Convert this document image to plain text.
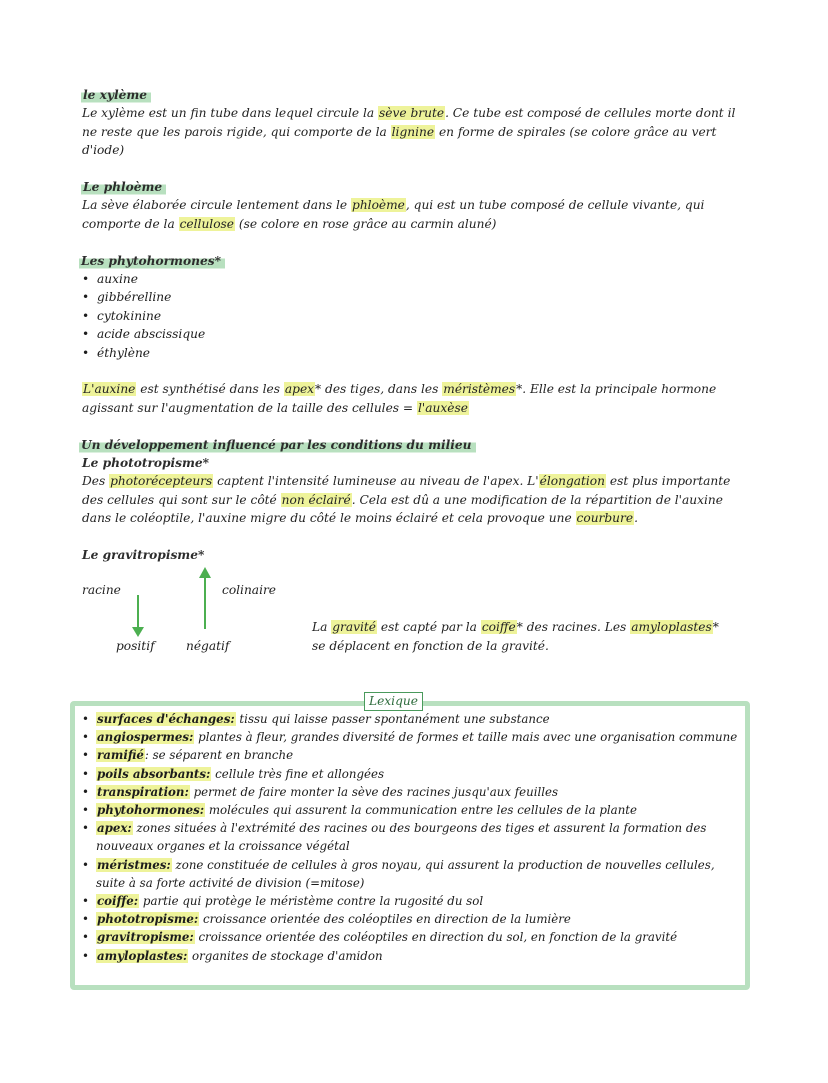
le xylème
Le xylème est un fin tube dans lequel circule la sève brute. Ce tube est composé de cellules morte dont il ne reste que les parois rigide, qui comporte de la lignine en forme de spirales (se colore grâce au vert d'iode)
Le phloème
La sève élaborée circule lentement dans le phloème, qui est un tube composé de cellule vivante, qui comporte de la cellulose (se colore en rose grâce au carmin aluné)
Les phytohormones*
• auxine
• gibbérelline
• cytokinine
• acide abscissique
• éthylène
L'auxine est synthétisé dans les apex* des tiges, dans les méristèmes*. Elle est la principale hormone agissant sur l'augmentation de la taille des cellules = l'auxèse
Un développement influencé par les conditions du milieu
Le phototropisme*
Des photorécepteurs captent l'intensité lumineuse au niveau de l'apex. L'élongation est plus importante des cellules qui sont sur le côté non éclairé. Cela est dû a une modification de la répartition de l'auxine dans le coléoptile, l'auxine migre du côté le moins éclairé et cela provoque une courbure.
Le gravitropisme*
racine	colinaire
positif	négatif
La gravité est capté par la coiffe* des racines. Les amyloplastes* se déplacent en fonction de la gravité.
Lexique
• surfaces d'échanges: tissu qui laisse passer spontanément une substance
• angiospermes: plantes à fleur, grandes diversité de formes et taille mais avec une organisation commune
• ramifié: se séparent en branche
• poils absorbants: cellule très fine et allongées
• transpiration: permet de faire monter la sève des racines jusqu'aux feuilles
• phytohormones: molécules qui assurent la communication entre les cellules de la plante
• apex: zones situées à l'extrémité des racines ou des bourgeons des tiges et assurent la formation des nouveaux organes et la croissance végétal
• méristmes: zone constituée de cellules à gros noyau, qui assurent la production de nouvelles cellules, suite à sa forte activité de division (=mitose)
• coiffe: partie qui protège le méristème contre la rugosité du sol
• phototropisme: croissance orientée des coléoptiles en direction de la lumière
• gravitropisme: croissance orientée des coléoptiles en direction du sol, en fonction de la gravité
• amyloplastes: organites de stockage d'amidon
